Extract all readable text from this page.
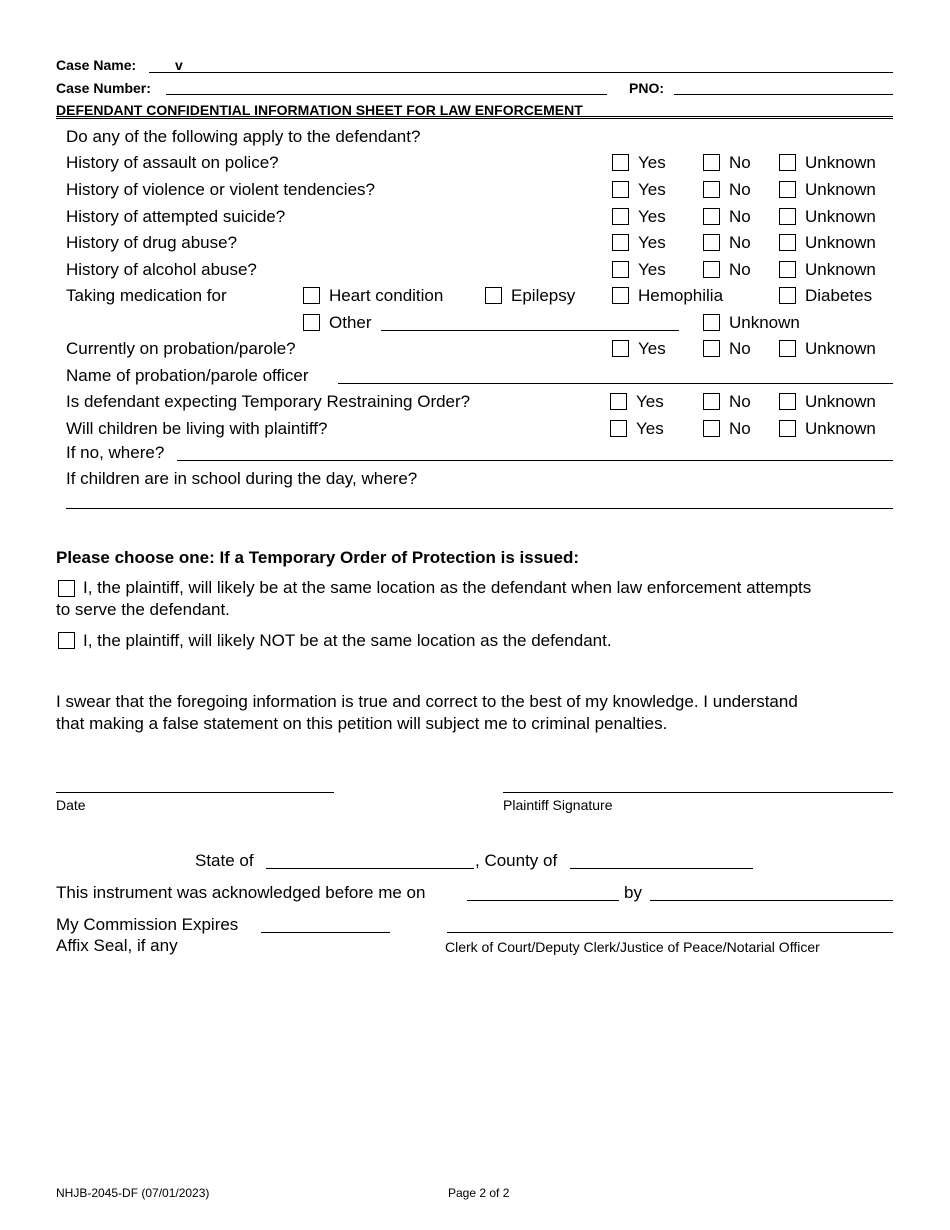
Case Name:	v
Case Number:	PNO:
DEFENDANT CONFIDENTIAL INFORMATION SHEET FOR LAW ENFORCEMENT
Do any of the following apply to the defendant?
History of assault on police?	Yes	No	Unknown
History of violence or violent tendencies?	Yes	No	Unknown
History of attempted suicide?	Yes	No	Unknown
History of drug abuse?	Yes	No	Unknown
History of alcohol abuse?	Yes	No	Unknown
Taking medication for	Heart condition	Epilepsy	Hemophilia	Diabetes
Other	Unknown
Currently on probation/parole?	Yes	No	Unknown
Name of probation/parole officer
Is defendant expecting Temporary Restraining Order?	Yes	No	Unknown
Will children be living with plaintiff?	Yes	No	Unknown
If no, where?
If children are in school during the day, where?
Please choose one: If a Temporary Order of Protection is issued:
I, the plaintiff, will likely be at the same location as the defendant when law enforcement attempts
to serve the defendant.
I, the plaintiff, will likely NOT be at the same location as the defendant.
I swear that the foregoing information is true and correct to the best of my knowledge. I understand
that making a false statement on this petition will subject me to criminal penalties.
Date	Plaintiff Signature
State of	, County of
This instrument was acknowledged before me on	by
My Commission Expires
Affix Seal, if any	Clerk of Court/Deputy Clerk/Justice of Peace/Notarial Officer
NHJB-2045-DF (07/01/2023)	Page 2 of 2
